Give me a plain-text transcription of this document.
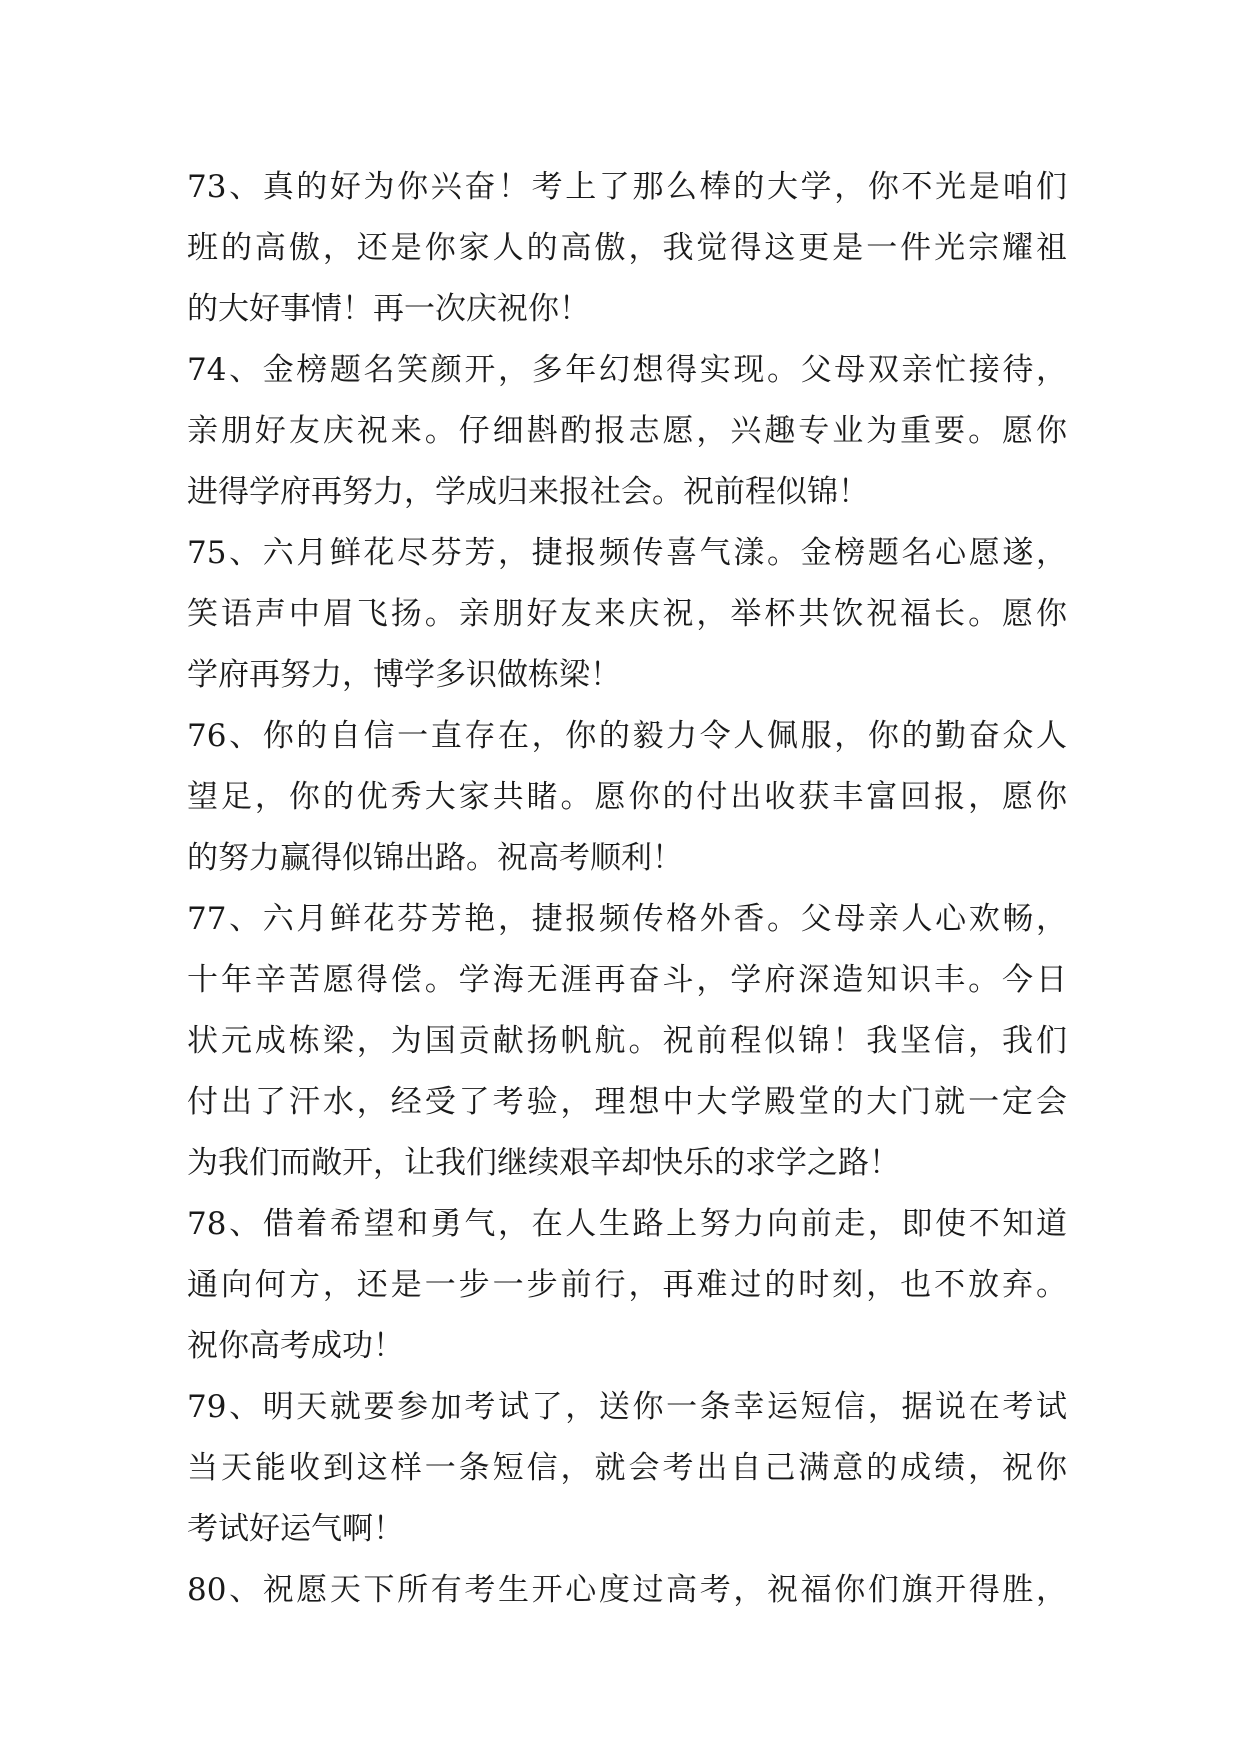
73、真的好为你兴奋！考上了那么棒的大学，你不光是咱们
班的高傲，还是你家人的高傲，我觉得这更是一件光宗耀祖
的大好事情！再一次庆祝你！
74、金榜题名笑颜开，多年幻想得实现。父母双亲忙接待，
亲朋好友庆祝来。仔细斟酌报志愿，兴趣专业为重要。愿你
进得学府再努力，学成归来报社会。祝前程似锦！
75、六月鲜花尽芬芳，捷报频传喜气漾。金榜题名心愿遂，
笑语声中眉飞扬。亲朋好友来庆祝，举杯共饮祝福长。愿你
学府再努力，博学多识做栋梁！
76、你的自信一直存在，你的毅力令人佩服，你的勤奋众人
望足，你的优秀大家共睹。愿你的付出收获丰富回报，愿你
的努力赢得似锦出路。祝高考顺利！
77、六月鲜花芬芳艳，捷报频传格外香。父母亲人心欢畅，
十年辛苦愿得偿。学海无涯再奋斗，学府深造知识丰。今日
状元成栋梁，为国贡献扬帆航。祝前程似锦！我坚信，我们
付出了汗水，经受了考验，理想中大学殿堂的大门就一定会
为我们而敞开，让我们继续艰辛却快乐的求学之路！
78、借着希望和勇气，在人生路上努力向前走，即使不知道
通向何方，还是一步一步前行，再难过的时刻，也不放弃。
祝你高考成功！
79、明天就要参加考试了，送你一条幸运短信，据说在考试
当天能收到这样一条短信，就会考出自己满意的成绩，祝你
考试好运气啊！
80、祝愿天下所有考生开心度过高考，祝福你们旗开得胜，
